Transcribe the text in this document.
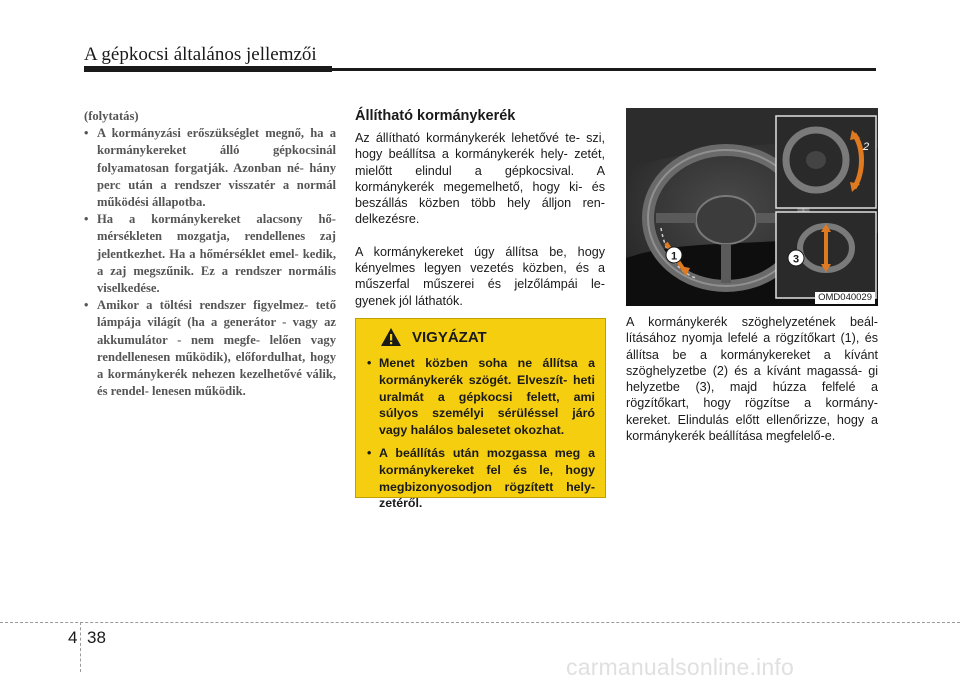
A gépkocsi általános jellemzői
(folytatás)
• A kormányzási erőszükséglet megnő, ha a kormánykereket álló gépkocsinál folyamatosan forgatják. Azonban né- hány perc után a rendszer visszatér a normál működési állapotba.
• Ha a kormánykereket alacsony hő- mérsékleten mozgatja, rendellenes zaj jelentkezhet. Ha a hőmérséklet emel- kedik, a zaj megszűnik. Ez a rendszer normális viselkedése.
• Amikor a töltési rendszer figyelmez- tető lámpája világít (ha a generátor - vagy az akkumulátor - nem megfe- lelően vagy rendellenesen működik), előfordulhat, hogy a kormánykerék nehezen kezelhetővé válik, és rendel- lenesen működik.
Állítható kormánykerék

Az állítható kormánykerék lehetővé te- szi, hogy beállítsa a kormánykerék hely- zetét, mielőtt elindul a gépkocsival. A kormánykerék megemelhető, hogy ki- és beszállás közben több hely álljon ren- delkezésre.

A kormánykereket úgy állítsa be, hogy kényelmes legyen vezetés közben, és a műszerfal műszerei és jelzőlámpái le- gyenek jól láthatók.

VIGYÁZAT
• Menet közben soha ne állítsa a kormánykerék szögét. Elveszít- heti uralmát a gépkocsi felett, ami súlyos személyi sérüléssel járó vagy halálos balesetet okozhat.
• A beállítás után mozgassa meg a kormánykereket fel és le, hogy megbizonyosodjon rögzített hely- zetéről.
1
2
3
OMD040029
A kormánykerék szöghelyzetének beál- lításához nyomja lefelé a rögzítőkart (1), és állítsa be a kormánykereket a kívánt szöghelyzetbe (2) és a kívánt magassá- gi helyzetbe (3), majd húzza felfelé a rögzítőkart, hogy rögzítse a kormány- kereket. Elindulás előtt ellenőrizze, hogy a kormánykerék beállítása megfelelő-e.
4 38
carmanualsonline.info
